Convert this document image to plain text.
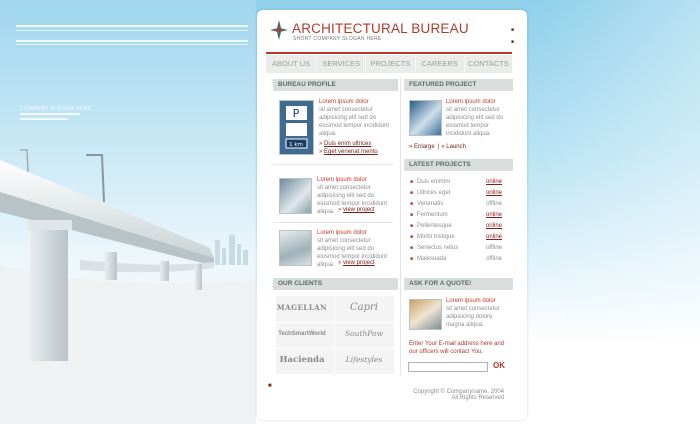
COMPANY SLOGAN HERE
ARCHITECTURAL BUREAU
SHORT COMPANY SLOGAN HERE
■
■
ABOUT US	SERVICES	PROJECTS	CAREERS	CONTACTS
BUREAU PROFILE
P
1 km
Lorem ipsum dolor
sit amet consectetur adipisicing elit sed do eiusmod tempor incididunt aliqua.
» Duis enim ultrices
» Eget venenat mentu
Lorem ipsum dolor
sit amet consectetur adipisicing elit sed do eiusmod tempor incididunt aliqua. » view project
Lorem ipsum dolor
sit amet consectetur adipisicing elit sed do eiusmod tempor incididunt aliqua. » view project
FEATURED PROJECT
Lorem ipsum dolor
sit amet consectetur adipisicing elit sed do eiusmod tempor incididunt aliqua.
» Enlarge  | » Launch
LATEST PROJECTS
■ Duis enimmi	online
■ Ultrices eget	online
■ Venenatis	offline
■ Fermentum	online
■ Pellentesque	online
■ Morbi tristique	online
■ Senectus netus	offline
■ Malesuada	offline
OUR CLIENTS
MAGELLAN	Capri
TechSmartWorld	SouthPow
Hacienda	Lifestyles
ASK FOR A QUOTE!
Lorem ipsum dolor
sit amet consectetur adipisicing dolore magna aliqua.
Enter Your E-mail address here and our officers will contact You.
OK
■
Copyright © Companyname, 2004
All Rights Reserved
